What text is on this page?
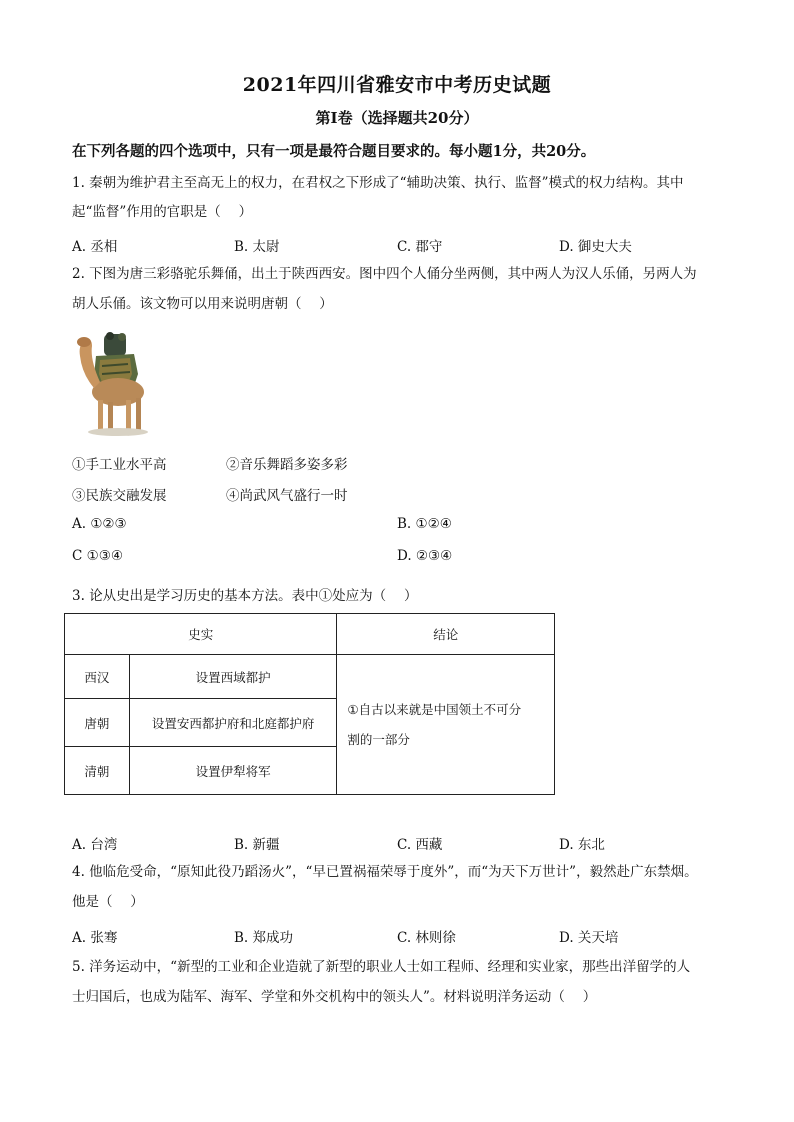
2021年四川省雅安市中考历史试题
第Ⅰ卷（选择题共20分）
在下列各题的四个选项中，只有一项是最符合题目要求的。每小题1分，共20分。
1. 秦朝为维护君主至高无上的权力，在君权之下形成了“辅助决策、执行、监督”模式的权力结构。其中
起“监督”作用的官职是（　 ）
A. 丞相	B. 太尉	C. 郡守	D. 御史大夫
2. 下图为唐三彩骆驼乐舞俑，出土于陕西西安。图中四个人俑分坐两侧，其中两人为汉人乐俑，另两人为
胡人乐俑。该文物可以用来说明唐朝（　 ）
①手工业水平高	②音乐舞蹈多姿多彩
③民族交融发展	④尚武风气盛行一时
A. ①②③	B. ①②④
C ①③④	D. ②③④
3. 论从史出是学习历史的基本方法。表中①处应为（　 ）
史实		结论
西汉	设置西域都护	①自古以来就是中国领土不可分
割的一部分
唐朝	设置安西都护府和北庭都护府	
清朝	设置伊犁将军	
A. 台湾	B. 新疆	C. 西藏	D. 东北
4. 他临危受命，“原知此役乃蹈汤火”，“早已置祸福荣辱于度外”，而“为天下万世计”，毅然赴广东禁烟。
他是（　 ）
A. 张骞	B. 郑成功	C. 林则徐	D. 关天培
5. 洋务运动中，“新型的工业和企业造就了新型的职业人士如工程师、经理和实业家，那些出洋留学的人
士归国后，也成为陆军、海军、学堂和外交机构中的领头人”。材料说明洋务运动（　 ）
